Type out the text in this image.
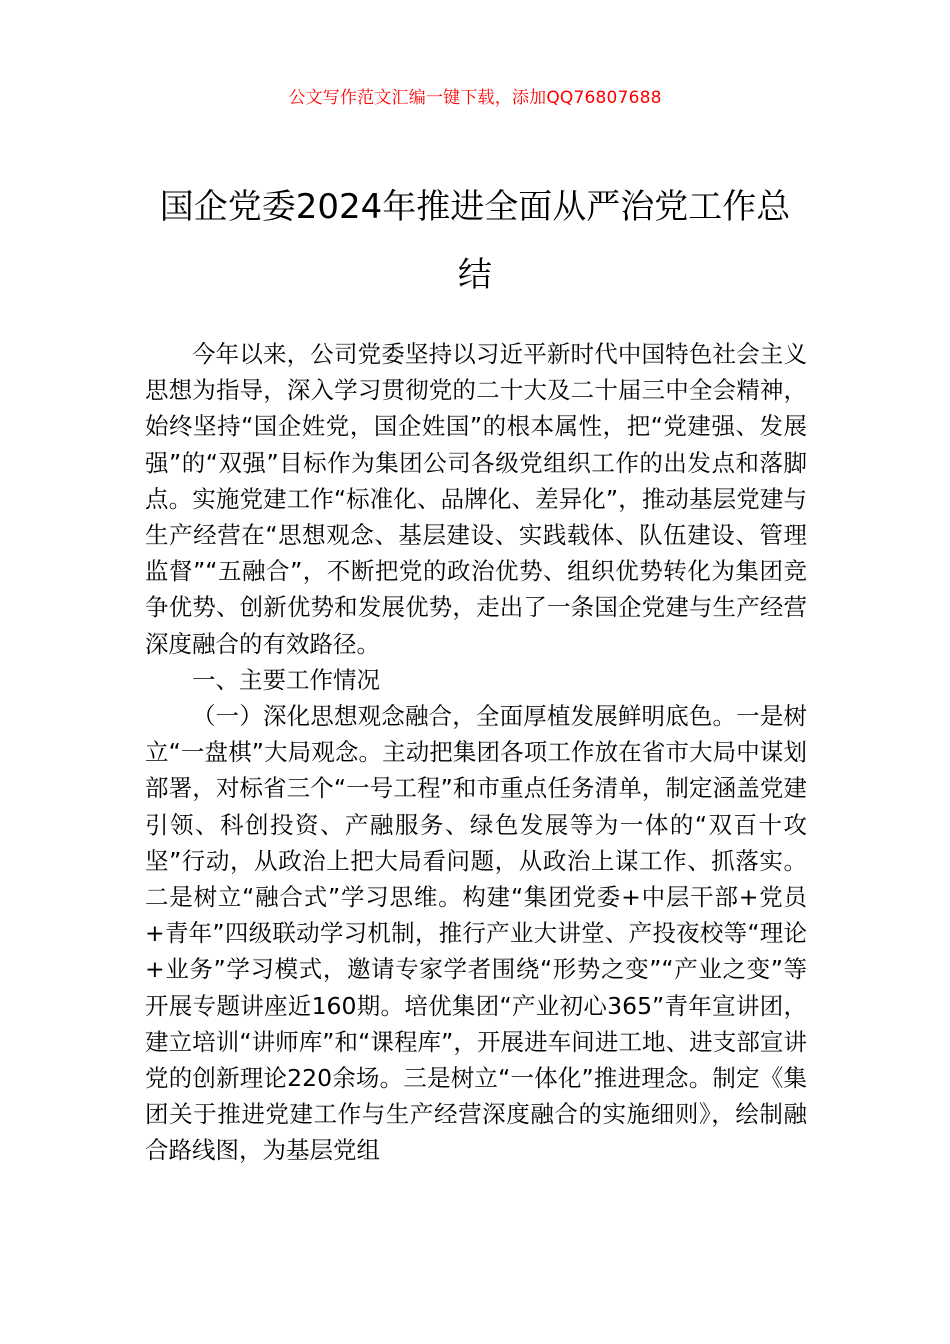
公文写作范文汇编一键下载，添加QQ76807688
国企党委2024年推进全面从严治党工作总结

今年以来，公司党委坚持以习近平新时代中国特色社会主义思想为指导，深入学习贯彻党的二十大及二十届三中全会精神，始终坚持“国企姓党，国企姓国”的根本属性，把“党建强、发展强”的“双强”目标作为集团公司各级党组织工作的出发点和落脚点。实施党建工作“标准化、品牌化、差异化”，推动基层党建与生产经营在“思想观念、基层建设、实践载体、队伍建设、管理监督”“五融合”，不断把党的政治优势、组织优势转化为集团竞争优势、创新优势和发展优势，走出了一条国企党建与生产经营深度融合的有效路径。

一、主要工作情况

（一）深化思想观念融合，全面厚植发展鲜明底色。一是树立“一盘棋”大局观念。主动把集团各项工作放在省市大局中谋划部署，对标省三个“一号工程”和市重点任务清单，制定涵盖党建引领、科创投资、产融服务、绿色发展等为一体的“双百十攻坚”行动，从政治上把大局看问题，从政治上谋工作、抓落实。二是树立“融合式”学习思维。构建“集团党委+中层干部+党员+青年”四级联动学习机制，推行产业大讲堂、产投夜校等“理论+业务”学习模式，邀请专家学者围绕“形势之变”“产业之变”等开展专题讲座近160期。培优集团“产业初心365”青年宣讲团，建立培训“讲师库”和“课程库”，开展进车间进工地、进支部宣讲党的创新理论220余场。三是树立“一体化”推进理念。制定《集团关于推进党建工作与生产经营深度融合的实施细则》，绘制融合路线图，为基层党组
